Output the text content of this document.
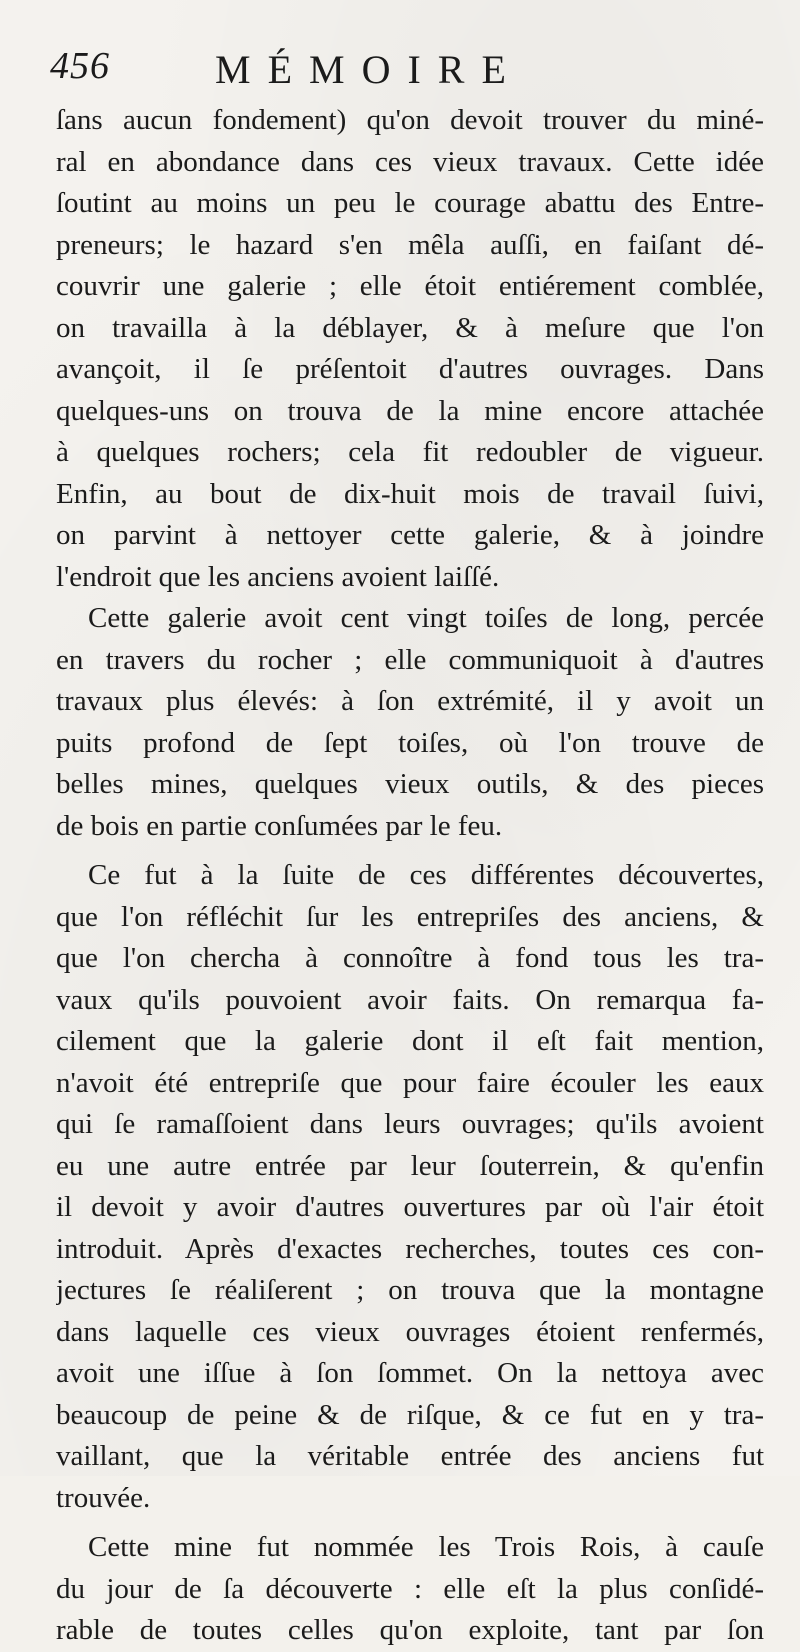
456	MÉMOIRE
ſans aucun fondement) qu'on devoit trouver du miné-
ral en abondance dans ces vieux travaux. Cette idée
ſoutint au moins un peu le courage abattu des Entre-
preneurs; le hazard s'en mêla auſſi, en faiſant dé-
couvrir une galerie ; elle étoit entiérement comblée,
on travailla à la déblayer, & à meſure que l'on
avançoit, il ſe préſentoit d'autres ouvrages. Dans
quelques-uns on trouva de la mine encore attachée
à quelques rochers; cela fit redoubler de vigueur.
Enfin, au bout de dix-huit mois de travail ſuivi,
on parvint à nettoyer cette galerie, & à joindre
l'endroit que les anciens avoient laiſſé.
Cette galerie avoit cent vingt toiſes de long, percée
en travers du rocher ; elle communiquoit à d'autres
travaux plus élevés: à ſon extrémité, il y avoit un
puits profond de ſept toiſes, où l'on trouve de
belles mines, quelques vieux outils, & des pieces
de bois en partie conſumées par le feu.
Ce fut à la ſuite de ces différentes découvertes,
que l'on réfléchit ſur les entrepriſes des anciens, &
que l'on chercha à connoître à fond tous les tra-
vaux qu'ils pouvoient avoir faits. On remarqua fa-
cilement que la galerie dont il eſt fait mention,
n'avoit été entrepriſe que pour faire écouler les eaux
qui ſe ramaſſoient dans leurs ouvrages; qu'ils avoient
eu une autre entrée par leur ſouterrein, & qu'enfin
il devoit y avoir d'autres ouvertures par où l'air étoit
introduit. Après d'exactes recherches, toutes ces con-
jectures ſe réaliſerent ; on trouva que la montagne
dans laquelle ces vieux ouvrages étoient renfermés,
avoit une iſſue à ſon ſommet. On la nettoya avec
beaucoup de peine & de riſque, & ce fut en y tra-
vaillant, que la véritable entrée des anciens fut
trouvée.
Cette mine fut nommée les Trois Rois, à cauſe
du jour de ſa découverte : elle eſt la plus conſidé-
rable de toutes celles qu'on exploite, tant par ſon
